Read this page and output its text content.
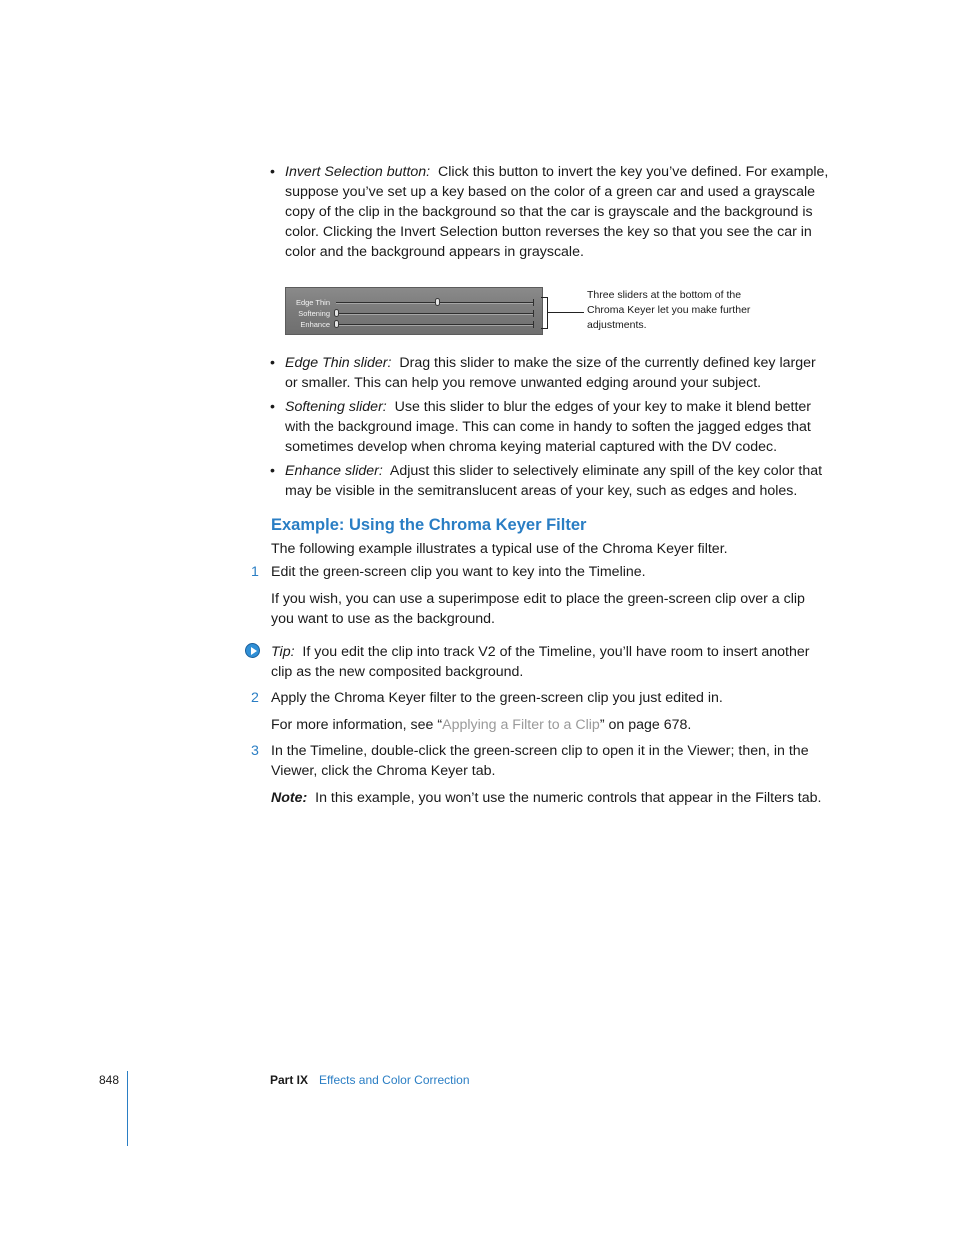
• Invert Selection button: Click this button to invert the key you’ve defined. For example, suppose you’ve set up a key based on the color of a green car and used a grayscale copy of the clip in the background so that the car is grayscale and the background is color. Clicking the Invert Selection button reverses the key so that you see the car in color and the background appears in grayscale.
Edge Thin
Softening
Enhance
Three sliders at the bottom of the Chroma Keyer let you make further adjustments.
• Edge Thin slider: Drag this slider to make the size of the currently defined key larger or smaller. This can help you remove unwanted edging around your subject.
• Softening slider: Use this slider to blur the edges of your key to make it blend better with the background image. This can come in handy to soften the jagged edges that sometimes develop when chroma keying material captured with the DV codec.
• Enhance slider: Adjust this slider to selectively eliminate any spill of the key color that may be visible in the semitranslucent areas of your key, such as edges and holes.
Example: Using the Chroma Keyer Filter
The following example illustrates a typical use of the Chroma Keyer filter.
1 Edit the green-screen clip you want to key into the Timeline.
If you wish, you can use a superimpose edit to place the green-screen clip over a clip you want to use as the background.
Tip: If you edit the clip into track V2 of the Timeline, you’ll have room to insert another clip as the new composited background.
2 Apply the Chroma Keyer filter to the green-screen clip you just edited in.
For more information, see “Applying a Filter to a Clip” on page 678.
3 In the Timeline, double-click the green-screen clip to open it in the Viewer; then, in the Viewer, click the Chroma Keyer tab.
Note: In this example, you won’t use the numeric controls that appear in the Filters tab.
848	Part IX Effects and Color Correction
